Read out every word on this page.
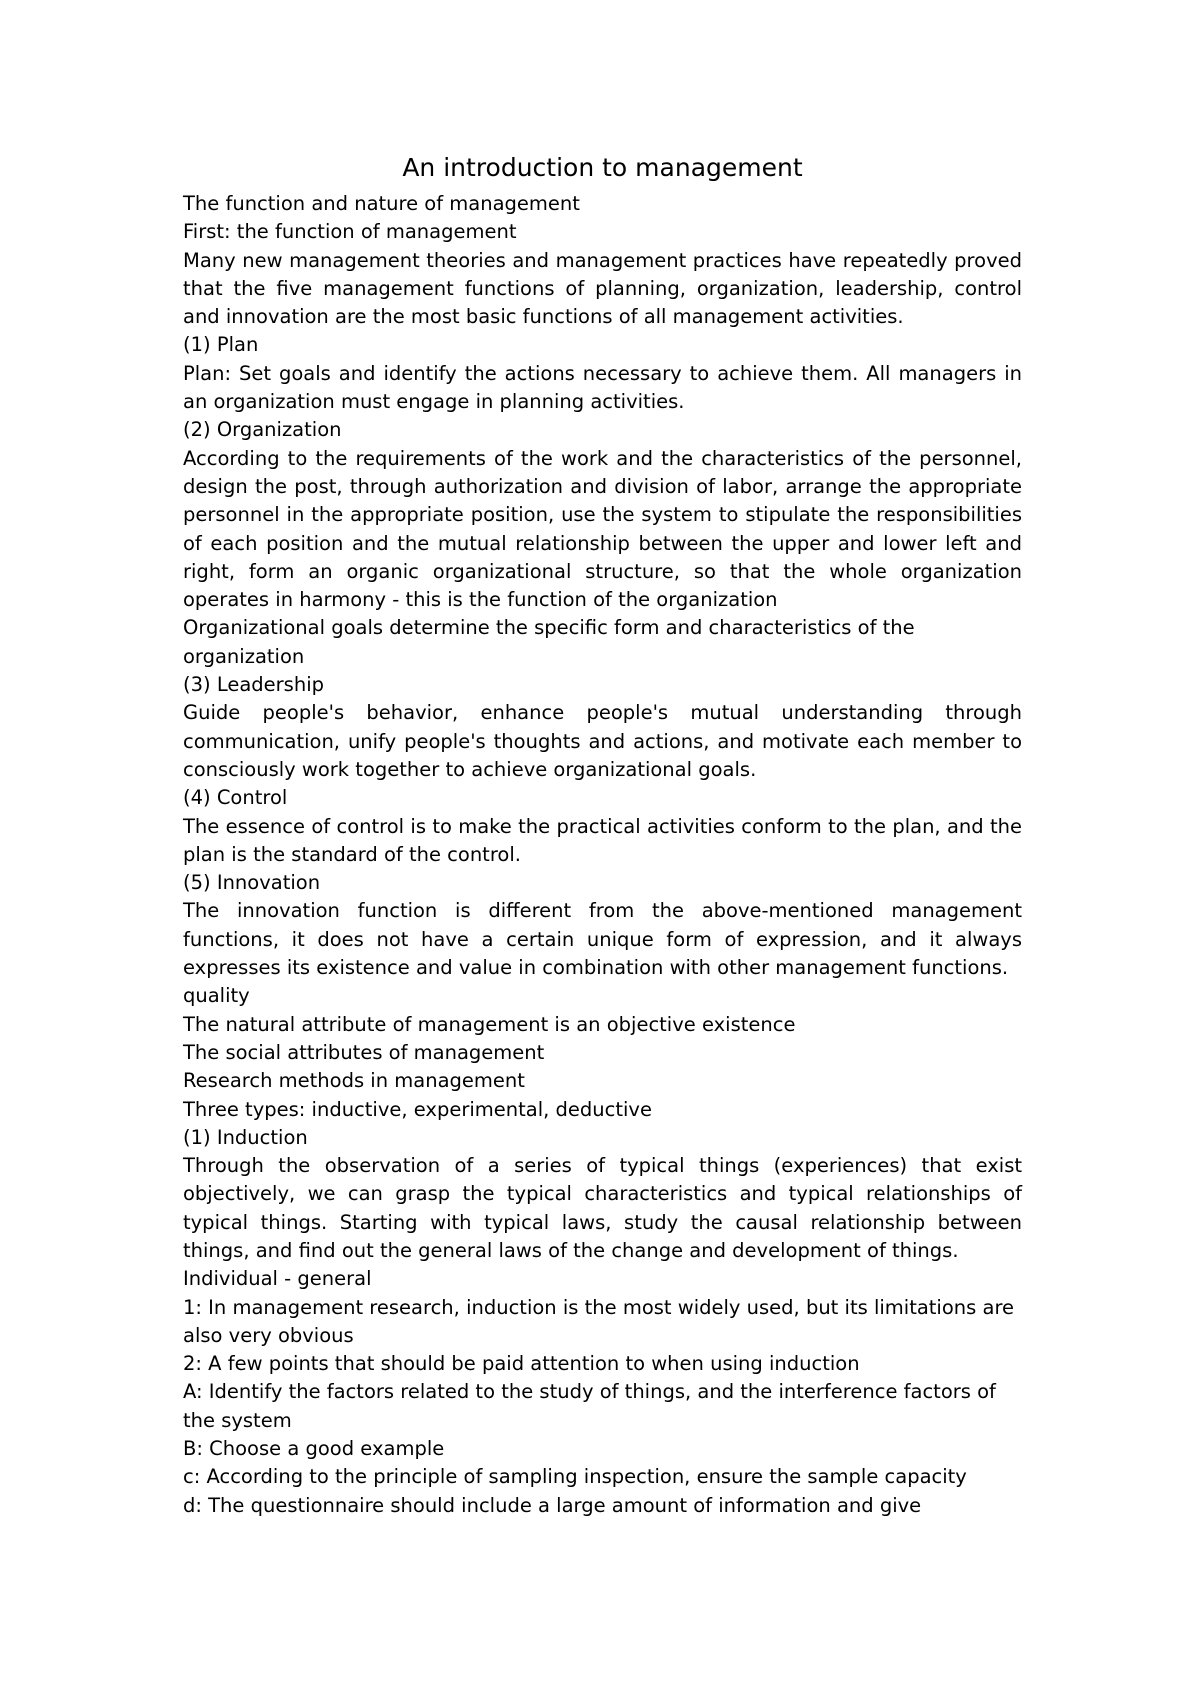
An introduction to management

The function and nature of management

First: the function of management

Many new management theories and management practices have repeatedly proved that the five management functions of planning, organization, leadership, control and innovation are the most basic functions of all management activities.

(1) Plan

Plan: Set goals and identify the actions necessary to achieve them. All managers in an organization must engage in planning activities.

(2) Organization

According to the requirements of the work and the characteristics of the personnel, design the post, through authorization and division of labor, arrange the appropriate personnel in the appropriate position, use the system to stipulate the responsibilities of each position and the mutual relationship between the upper and lower left and right, form an organic organizational structure, so that the whole organization operates in harmony - this is the function of the organization

Organizational goals determine the specific form and characteristics of the organization

(3) Leadership

Guide people's behavior, enhance people's mutual understanding through communication, unify people's thoughts and actions, and motivate each member to consciously work together to achieve organizational goals.

(4) Control

The essence of control is to make the practical activities conform to the plan, and the plan is the standard of the control.

(5) Innovation

The innovation function is different from the above-mentioned management functions, it does not have a certain unique form of expression, and it always expresses its existence and value in combination with other management functions.

quality

The natural attribute of management is an objective existence

The social attributes of management

Research methods in management

Three types: inductive, experimental, deductive

(1) Induction

Through the observation of a series of typical things (experiences) that exist objectively, we can grasp the typical characteristics and typical relationships of typical things. Starting with typical laws, study the causal relationship between things, and find out the general laws of the change and development of things.

Individual - general

1: In management research, induction is the most widely used, but its limitations are also very obvious

2: A few points that should be paid attention to when using induction

A: Identify the factors related to the study of things, and the interference factors of the system

B: Choose a good example

c: According to the principle of sampling inspection, ensure the sample capacity

d: The questionnaire should include a large amount of information and give
